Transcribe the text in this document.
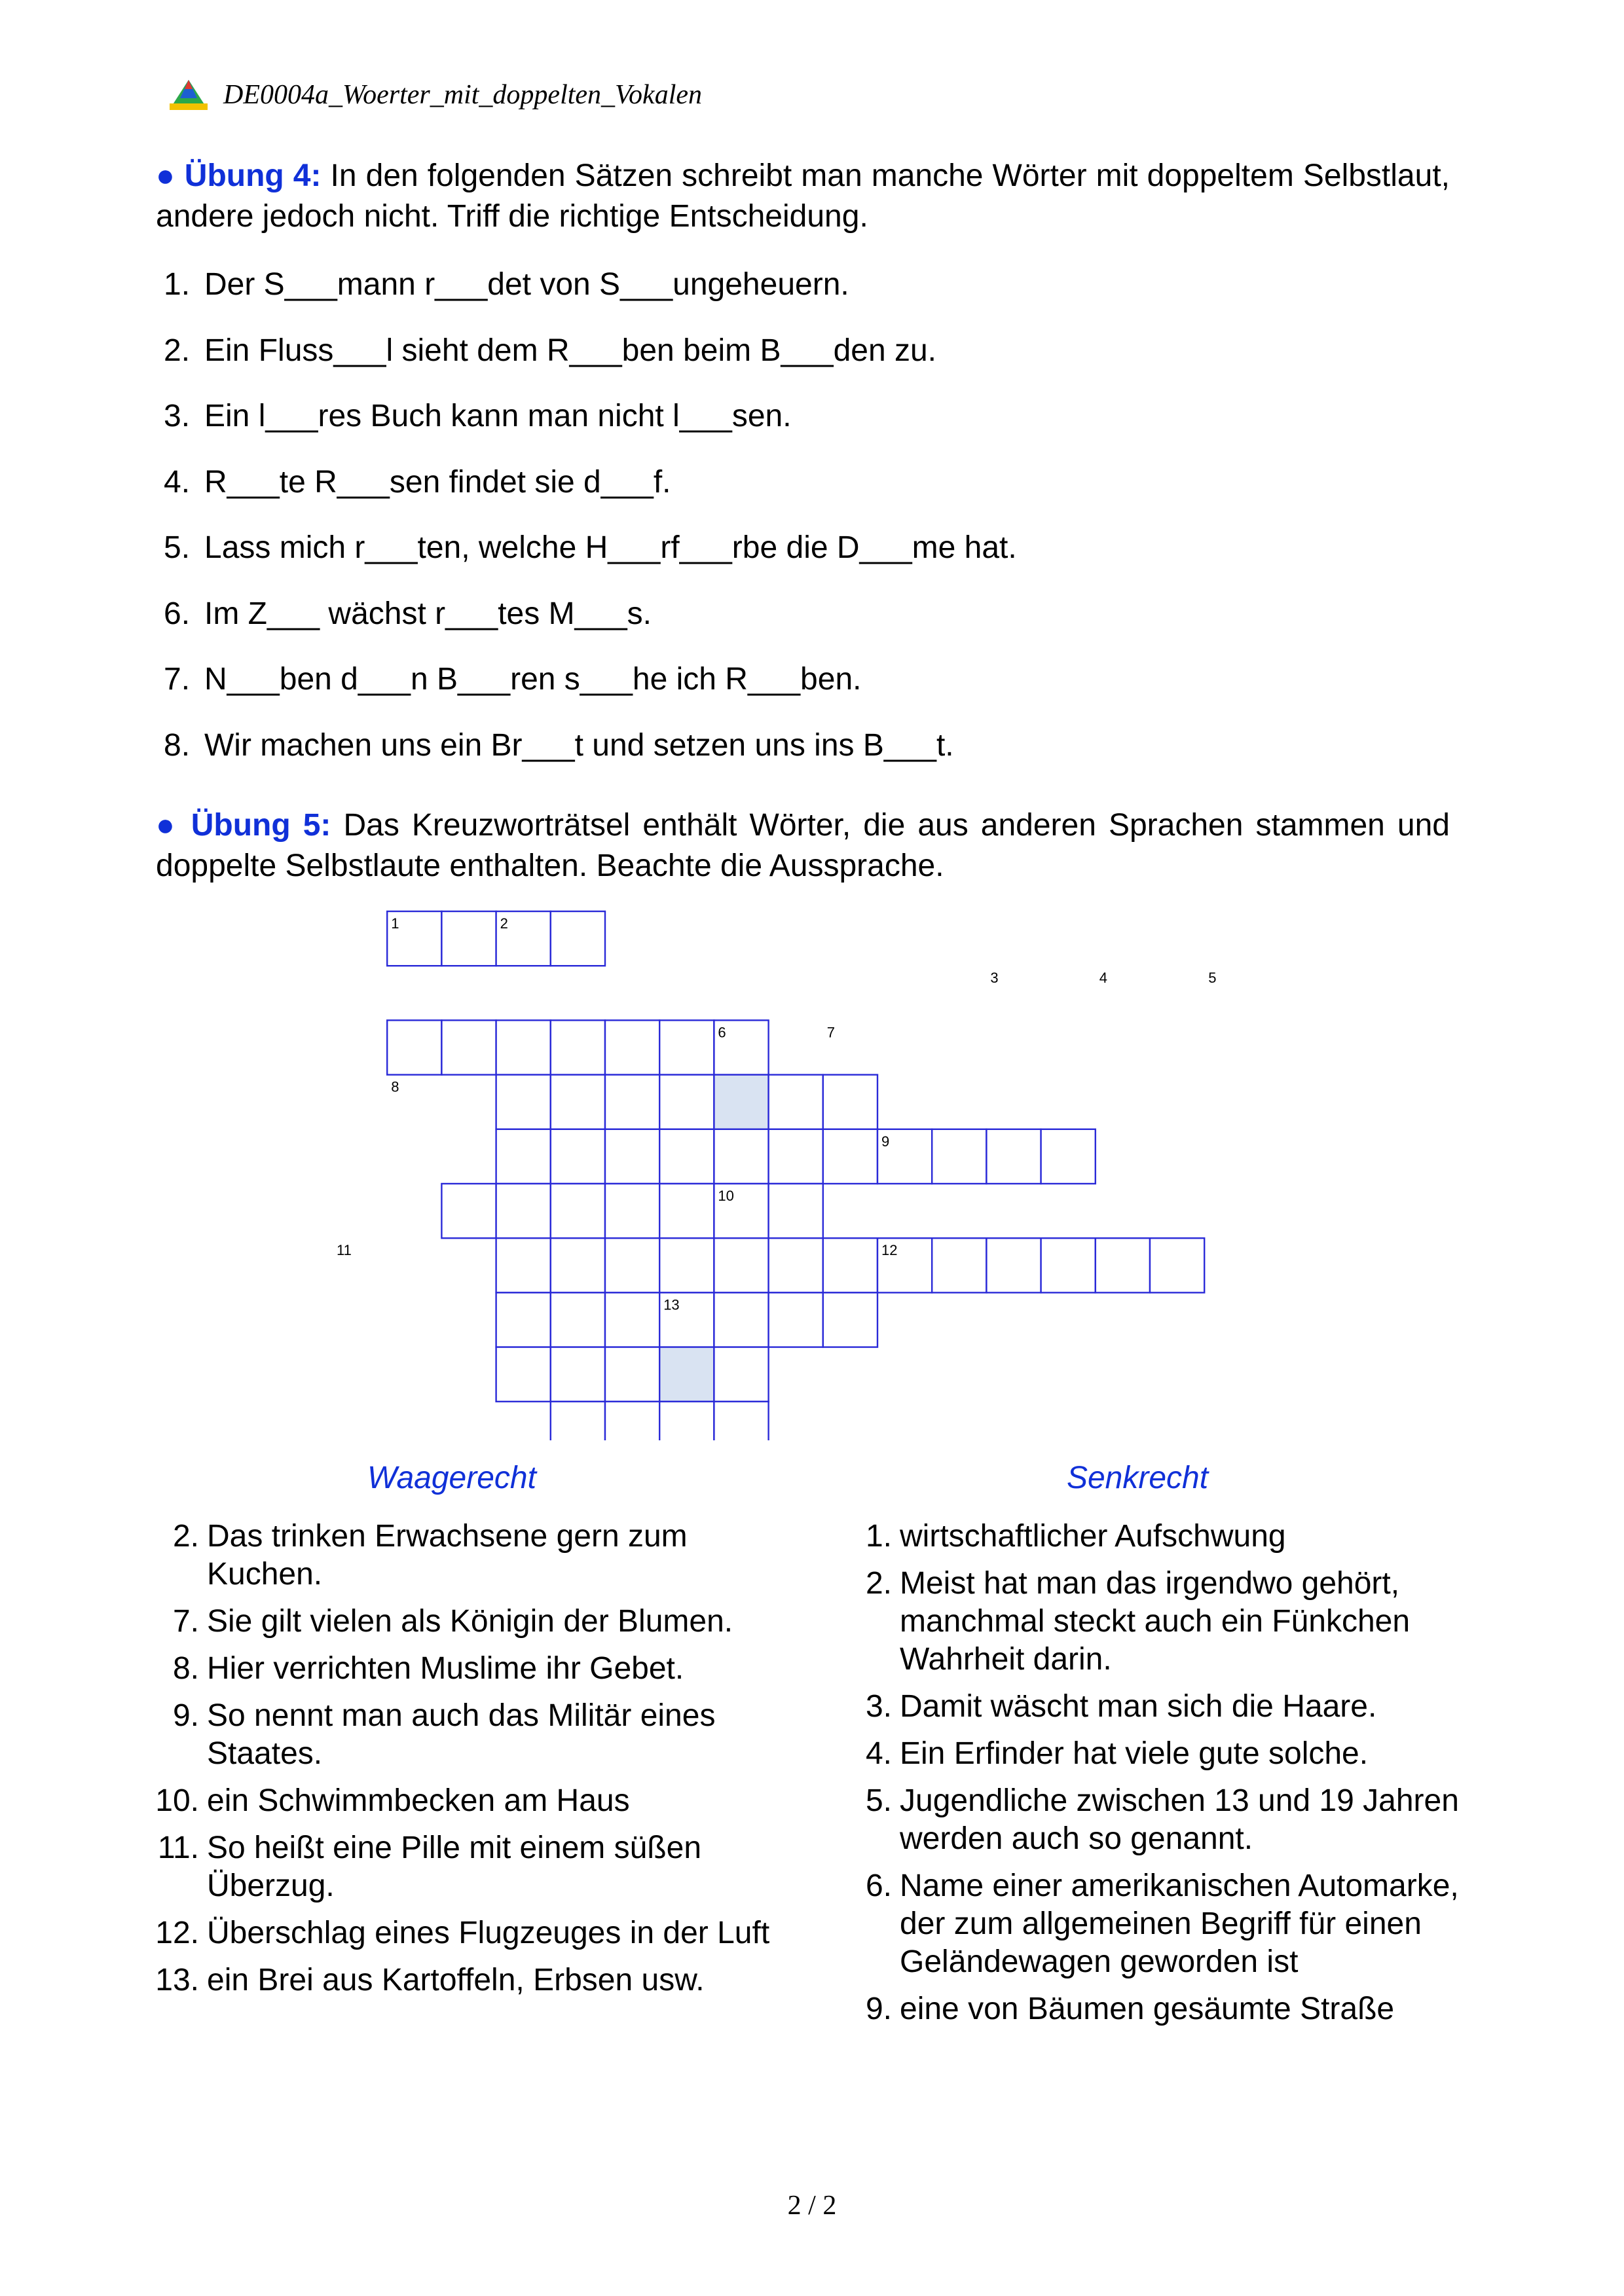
DE0004a_Woerter_mit_doppelten_Vokalen
● Übung 4: In den folgenden Sätzen schreibt man manche Wörter mit doppeltem Selbstlaut, andere jedoch nicht. Triff die richtige Entscheidung.
1. Der S___mann r___det von S___ungeheuern.
2. Ein Fluss___l sieht dem R___ben beim B___den zu.
3. Ein l___res Buch kann man nicht l___sen.
4. R___te R___sen findet sie d___f.
5. Lass mich r___ten, welche H___rf___rbe die D___me hat.
6. Im Z___ wächst r___tes M___s.
7. N___ben d___n B___ren s___he ich R___ben.
8. Wir machen uns ein Br___t und setzen uns ins B___t.
● Übung 5: Das Kreuzworträtsel enthält Wörter, die aus anderen Sprachen stammen und doppelte Selbstlaute enthalten. Beachte die Aussprache.
1	2
3	4	5
6	7
8
9
10
11	12
13
Waagerecht	Senkrecht
2. Das trinken Erwachsene gern zum Kuchen.
7. Sie gilt vielen als Königin der Blumen.
8. Hier verrichten Muslime ihr Gebet.
9. So nennt man auch das Militär eines Staates.
10. ein Schwimmbecken am Haus
11. So heißt eine Pille mit einem süßen Überzug.
12. Überschlag eines Flugzeuges in der Luft
13. ein Brei aus Kartoffeln, Erbsen usw.
1. wirtschaftlicher Aufschwung
2. Meist hat man das irgendwo gehört, manchmal steckt auch ein Fünkchen Wahrheit darin.
3. Damit wäscht man sich die Haare.
4. Ein Erfinder hat viele gute solche.
5. Jugendliche zwischen 13 und 19 Jahren werden auch so genannt.
6. Name einer amerikanischen Automarke, der zum allgemeinen Begriff für einen Geländewagen geworden ist
9. eine von Bäumen gesäumte Straße
2 / 2
